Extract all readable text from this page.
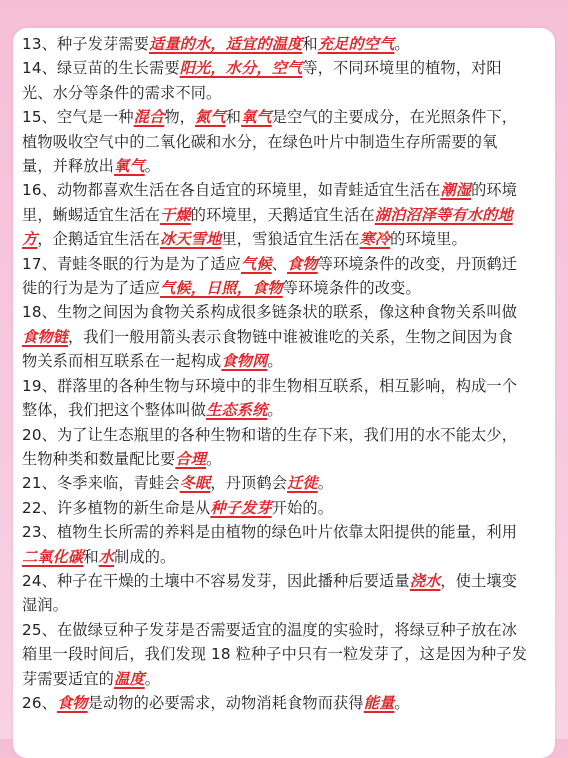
13、种子发芽需要适量的水，适宜的温度和充足的空气。

14、绿豆苗的生长需要阳光，水分，空气等，不同环境里的植物，对阳光、水分等条件的需求不同。

15、空气是一种混合物，氮气和氧气是空气的主要成分，在光照条件下，植物吸收空气中的二氧化碳和水分，在绿色叶片中制造生存所需要的氧量，并释放出氧气。

16、动物都喜欢生活在各自适宜的环境里，如青蛙适宜生活在潮湿的环境里，蜥蜴适宜生活在干燥的环境里，天鹅适宜生活在湖泊沼泽等有水的地方，企鹅适宜生活在冰天雪地里，雪狼适宜生活在寒冷的环境里。

17、青蛙冬眠的行为是为了适应气候、食物等环境条件的改变，丹顶鹤迁徙的行为是为了适应气候，日照，食物等环境条件的改变。

18、生物之间因为食物关系构成很多链条状的联系，像这种食物关系叫做食物链，我们一般用箭头表示食物链中谁被谁吃的关系，生物之间因为食物关系而相互联系在一起构成食物网。

19、群落里的各种生物与环境中的非生物相互联系，相互影响，构成一个整体，我们把这个整体叫做生态系统。

20、为了让生态瓶里的各种生物和谐的生存下来，我们用的水不能太少，生物种类和数量配比要合理。

21、冬季来临，青蛙会冬眠，丹顶鹤会迁徙。

22、许多植物的新生命是从种子发芽开始的。

23、植物生长所需的养料是由植物的绿色叶片依靠太阳提供的能量，利用二氧化碳和水制成的。

24、种子在干燥的土壤中不容易发芽，因此播种后要适量浇水，使土壤变湿润。

25、在做绿豆种子发芽是否需要适宜的温度的实验时，将绿豆种子放在冰箱里一段时间后，我们发现 18 粒种子中只有一粒发芽了，这是因为种子发芽需要适宜的温度。

26、食物是动物的必要需求，动物消耗食物而获得能量。
